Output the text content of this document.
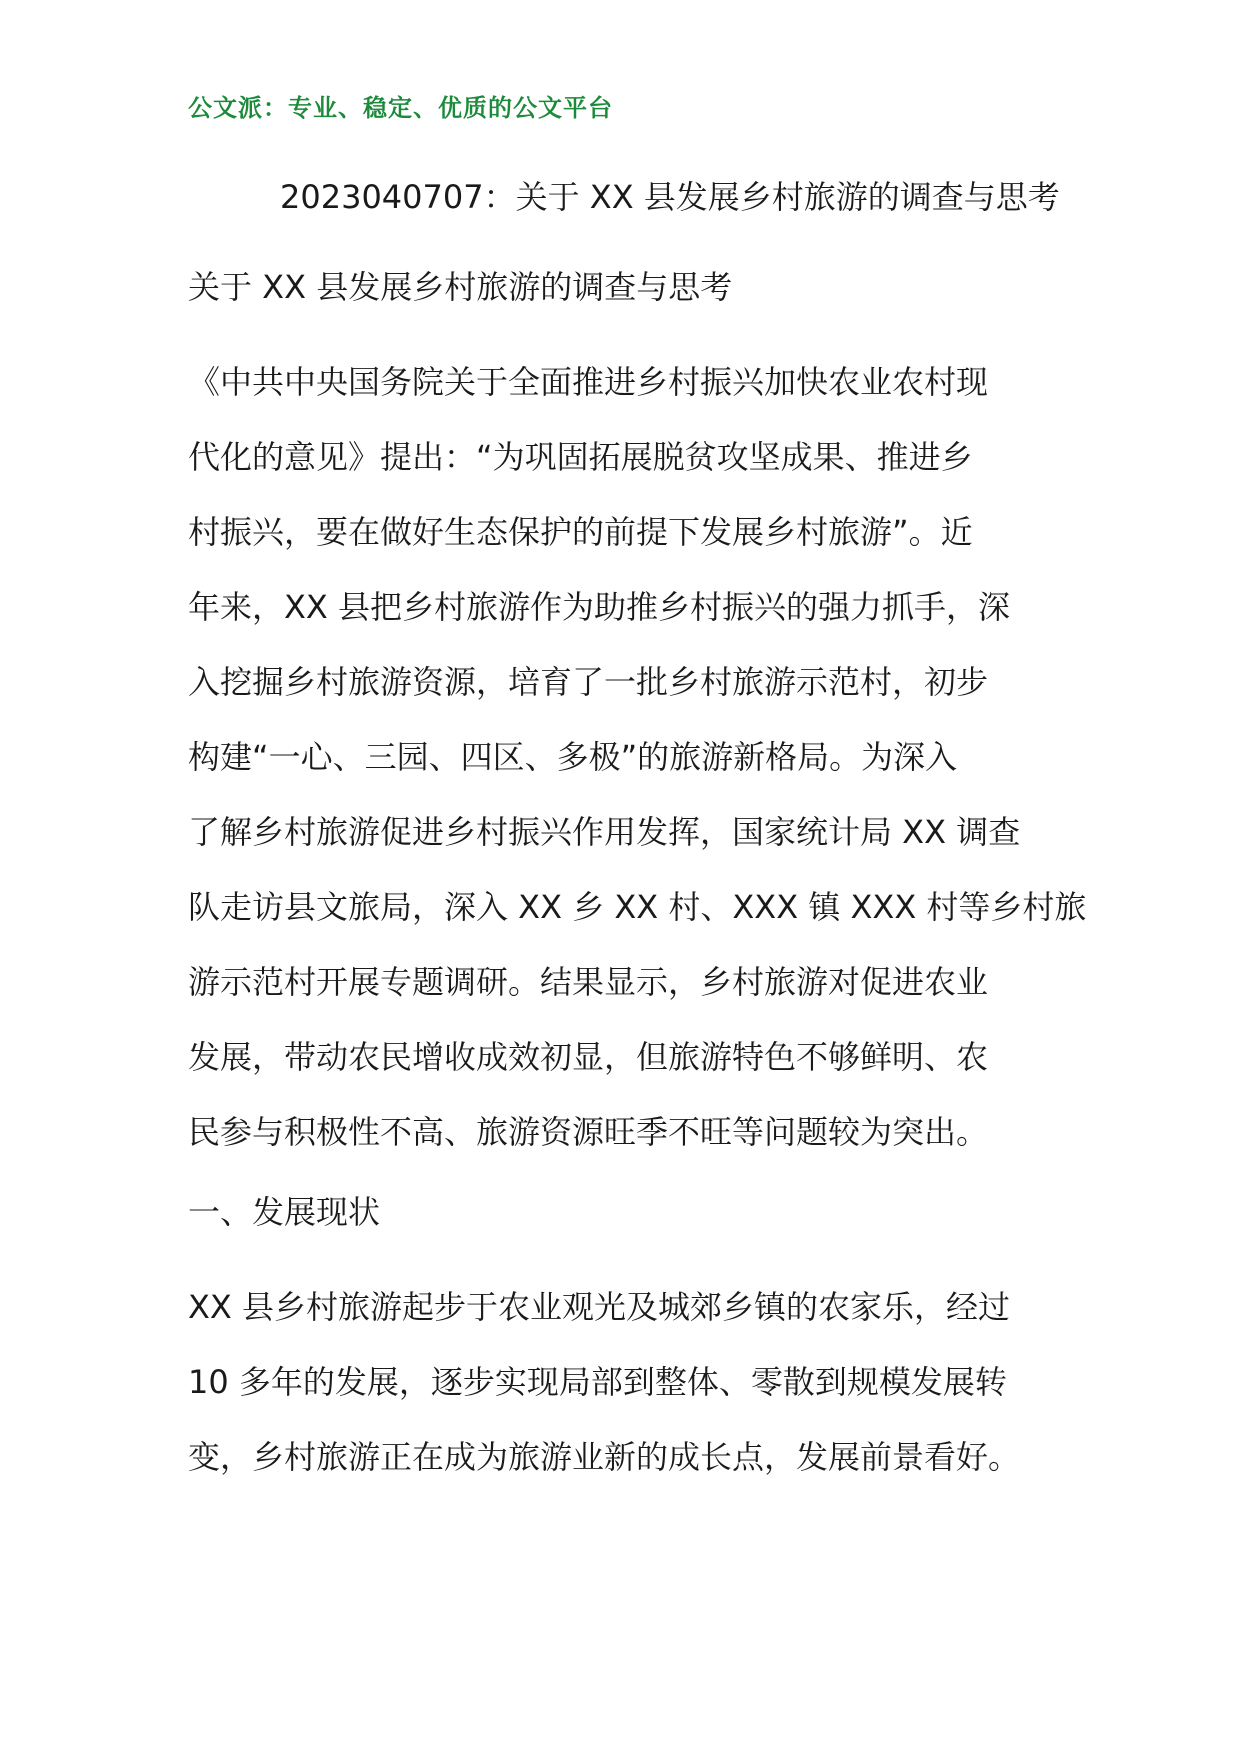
公文派：专业、稳定、优质的公文平台
2023040707：关于 XX 县发展乡村旅游的调查与思考
关于 XX 县发展乡村旅游的调查与思考
《中共中央国务院关于全面推进乡村振兴加快农业农村现
代化的意见》提出：“为巩固拓展脱贫攻坚成果、推进乡
村振兴，要在做好生态保护的前提下发展乡村旅游”。近
年来，XX 县把乡村旅游作为助推乡村振兴的强力抓手，深
入挖掘乡村旅游资源，培育了一批乡村旅游示范村，初步
构建“一心、三园、四区、多极”的旅游新格局。为深入
了解乡村旅游促进乡村振兴作用发挥，国家统计局 XX 调查
队走访县文旅局，深入 XX 乡 XX 村、XXX 镇 XXX 村等乡村旅
游示范村开展专题调研。结果显示，乡村旅游对促进农业
发展，带动农民增收成效初显，但旅游特色不够鲜明、农
民参与积极性不高、旅游资源旺季不旺等问题较为突出。
一、发展现状
XX 县乡村旅游起步于农业观光及城郊乡镇的农家乐，经过
10 多年的发展，逐步实现局部到整体、零散到规模发展转
变，乡村旅游正在成为旅游业新的成长点，发展前景看好。
